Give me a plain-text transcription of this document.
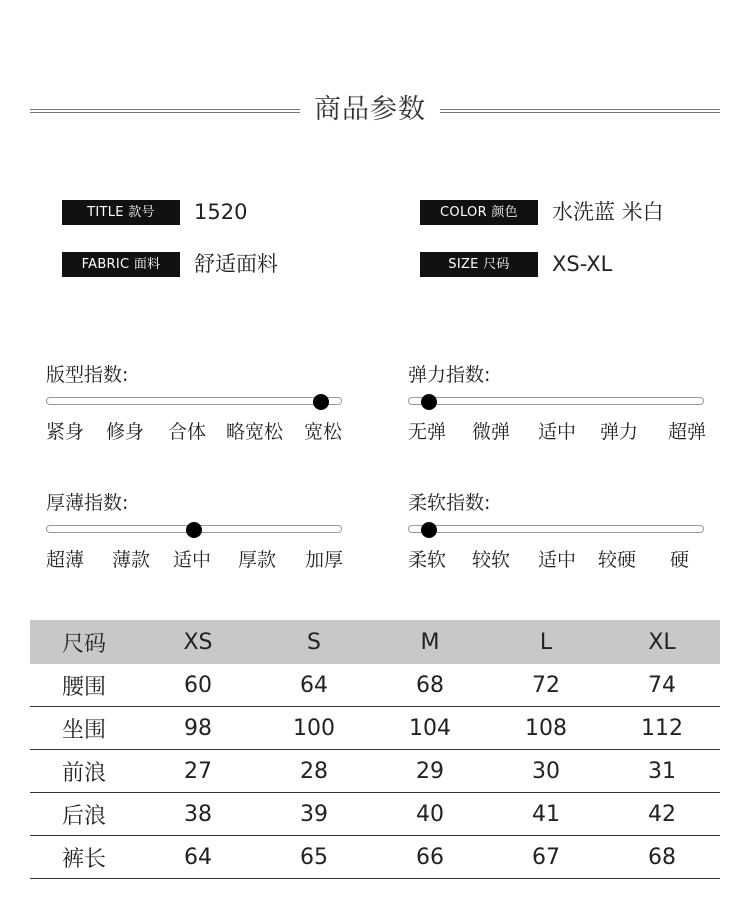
商品参数
TITLE 款号	1520	COLOR 颜色	水洗蓝 米白
FABRIC 面料	舒适面料	SIZE 尺码	XS-XL
版型指数:
紧身 修身 合体 略宽松 宽松
弹力指数:
无弹 微弹 适中 弹力 超弹
厚薄指数:
超薄 薄款 适中 厚款 加厚
柔软指数:
柔软 较软 适中 较硬 硬
尺码	XS	S	M	L	XL
腰围	60	64	68	72	74
坐围	98	100	104	108	112
前浪	27	28	29	30	31
后浪	38	39	40	41	42
裤长	64	65	66	67	68
